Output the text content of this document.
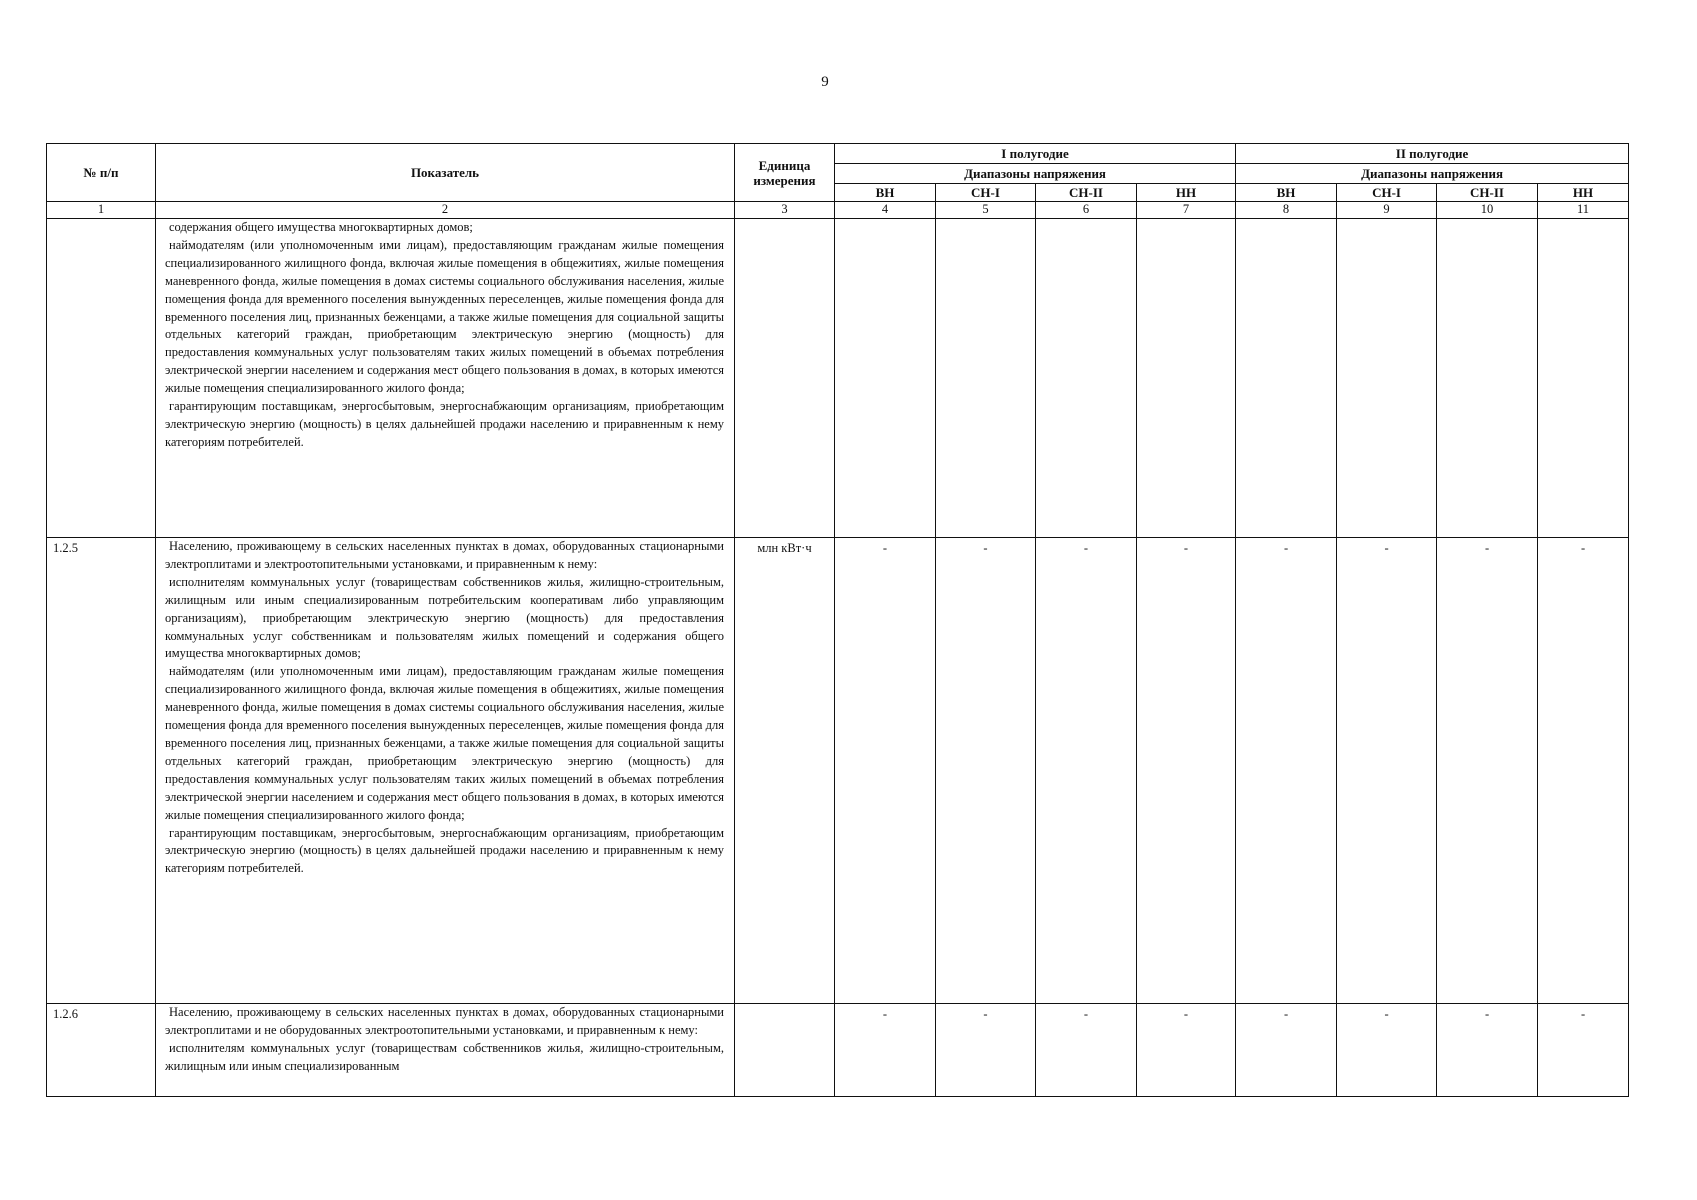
9
№ п/п	Показатель	Единица измерения	I полугодие				II полугодие			
			Диапазоны напряжения				Диапазоны напряжения			
			ВН	СН-I	СН-II	НН	ВН	СН-I	СН-II	НН
1	2	3	4	5	6	7	8	9	10	11

	содержания общего имущества многоквартирных домов;

наймодателям (или уполномоченным ими лицам), предоставляющим гражданам жилые помещения специализированного жилищного фонда, включая жилые помещения в общежитиях, жилые помещения маневренного фонда, жилые помещения в домах системы социального обслуживания населения, жилые помещения фонда для временного поселения вынужденных переселенцев, жилые помещения фонда для временного поселения лиц, признанных беженцами, а также жилые помещения для социальной защиты отдельных категорий граждан, приобретающим электрическую энергию (мощность) для предоставления коммунальных услуг пользователям таких жилых помещений в объемах потребления электрической энергии населением и содержания мест общего пользования в домах, в которых имеются жилые помещения специализированного жилого фонда;

гарантирующим поставщикам, энергосбытовым, энергоснабжающим организациям, приобретающим электрическую энергию (мощность) в целях дальнейшей продажи населению и приравненным к нему категориям потребителей.									

1.2.5	Населению, проживающему в сельских населенных пунктах в домах, оборудованных стационарными электроплитами и электроотопительными установками, и приравненным к нему:

исполнителям коммунальных услуг (товариществам собственников жилья, жилищно-строительным, жилищным или иным специализированным потребительским кооперативам либо управляющим организациям), приобретающим электрическую энергию (мощность) для предоставления коммунальных услуг собственникам и пользователям жилых помещений и содержания общего имущества многоквартирных домов;

наймодателям (или уполномоченным ими лицам), предоставляющим гражданам жилые помещения специализированного жилищного фонда, включая жилые помещения в общежитиях, жилые помещения маневренного фонда, жилые помещения в домах системы социального обслуживания населения, жилые помещения фонда для временного поселения вынужденных переселенцев, жилые помещения фонда для временного поселения лиц, признанных беженцами, а также жилые помещения для социальной защиты отдельных категорий граждан, приобретающим электрическую энергию (мощность) для предоставления коммунальных услуг пользователям таких жилых помещений в объемах потребления электрической энергии населением и содержания мест общего пользования в домах, в которых имеются жилые помещения специализированного жилого фонда;

гарантирующим поставщикам, энергосбытовым, энергоснабжающим организациям, приобретающим электрическую энергию (мощность) в целях дальнейшей продажи населению и приравненным к нему категориям потребителей.	млн кВт·ч	-	-	-	-	-	-	-	-
1.2.6	Населению, проживающему в сельских населенных пунктах в домах, оборудованных стационарными электроплитами и не оборудованных электроотопительными установками, и приравненным к нему:

исполнителям коммунальных услуг (товариществам собственников жилья, жилищно-строительным, жилищным или иным специализированным		-	-	-	-	-	-	-	-
